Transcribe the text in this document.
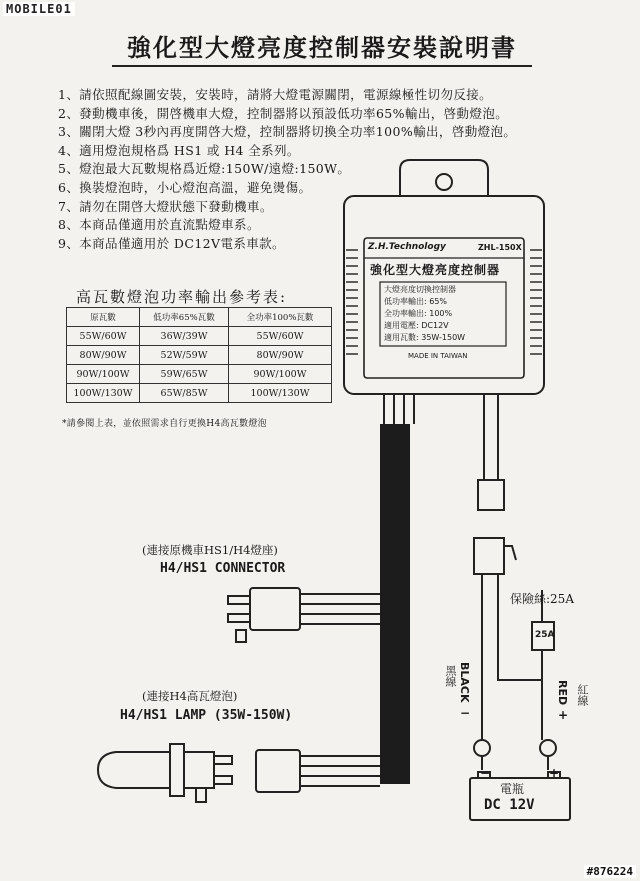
MOBILE01
強化型大燈亮度控制器安裝說明書
1、請依照配線圖安裝，安裝時，請將大燈電源關閉，電源線極性切勿反接。
2、發動機車後，開啓機車大燈，控制器將以預設低功率65%輸出，啓動燈泡。
3、關閉大燈 3秒內再度開啓大燈，控制器將切換全功率100%輸出，啓動燈泡。
4、適用燈泡規格爲 HS1 或 H4 全系列。
5、燈泡最大瓦數規格爲近燈:150W/遠燈:150W。
6、換裝燈泡時，小心燈泡高溫，避免燙傷。
7、請勿在開啓大燈狀態下發動機車。
8、本商品僅適用於直流點燈車系。
9、本商品僅適用於 DC12V電系車款。
高瓦數燈泡功率輸出參考表:
原瓦數	低功率65%瓦數	全功率100%瓦數
55W/60W	36W/39W	55W/60W
80W/90W	52W/59W	80W/90W
90W/100W	59W/65W	90W/100W
100W/130W	65W/85W	100W/130W
*請參閱上表，並依照需求自行更換H4高瓦數燈泡
Z.H.Technology	ZHL-150X
強化型大燈亮度控制器
大燈亮度切換控制器
低功率輸出: 65%
全功率輸出: 100%
適用電壓: DC12V
適用瓦數: 35W-150W
MADE IN TAIWAN
(連接原機車HS1/H4燈座)
H4/HS1 CONNECTOR
(連接H4高瓦燈泡)
H4/HS1 LAMP (35W-150W)
保險絲:25A
25A
黑線 BLACK
−
RED 紅線
+
−	+
電瓶
DC 12V
#876224
